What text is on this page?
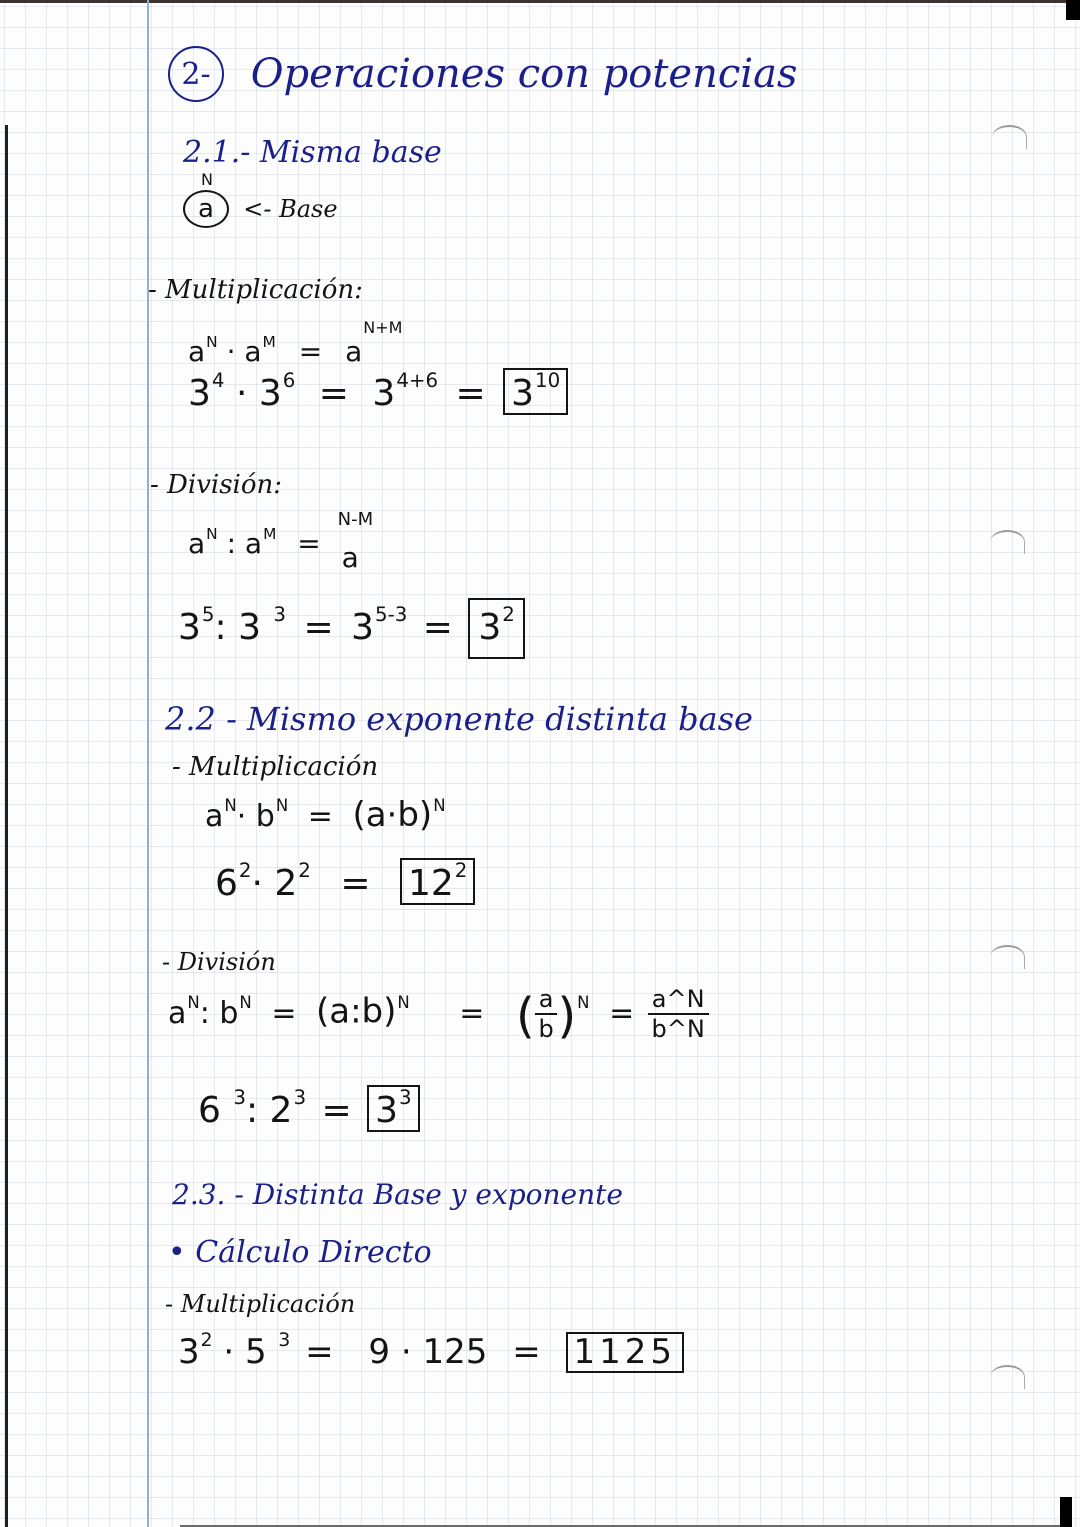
2- Operaciones con potencias
2.1.- Misma base
a

N
<- Base
- Multiplicación:
$a^N \cdot a^M = a^{N+M}$
$3^4 \cdot 3^6 = 3^{4+6} = 3^{10}$
- División:
$a^N$ : $a^M$ =
N-M
a
$3^5$: 3 $^3 = 3^{5-3} = 3^2$
2.2 - Mismo exponente distinta base
- Multiplicación
$a^N\cdot b^N = (a\cdot b)^N$
$6^2\cdot 2^2 = 12^2$
- División
$a^N$: $b^N$ = (a:b)$^N$ = ( $\frac{a}{b} )^N = \frac{a\^{}N}{b\^{}N}$
6 $^3$: $2^3 = 3^3$
2.3. - Distinta Base y exponente
• Cálculo Directo
- Multiplicación
$3^2 \cdot 5$ $^3$ = 9 · 125 = 1125
